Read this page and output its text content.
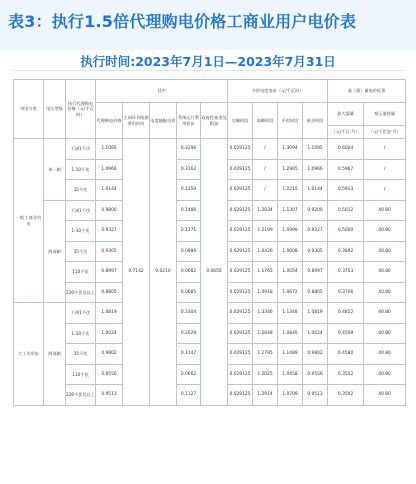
表3：执行1.5倍代理购电价格工商业用户电价表
执行时间:2023年7月1日—2023年7月31日
用电分类	电压等级	执行代理购电价格（元/千瓦时）	其中					分时电度电价（元/千瓦时）				基（需）量电价标准		
			代理购电价格	上网环节线损费用折价	电度输配电价	系统运行费用折价	政府性基金及附加	尖峰时段	高峰时段	平时时段	低谷时段	最大需量	变压器容量	
												（元/千瓦·月）	（元/千伏安·月）	
一般工商业用电	单一制	不满1千伏	1.1095	0.7142	0.0210	0.3296	0.0655	0.029125	/	1.3094	1.1095	0.6004	/	
		1-10千伏	1.0966			0.3162		0.029125	/	1.2965	1.0966	0.5967	/	
		35千伏	1.0144			0.1259		0.029125	/	1.2215	1.0144	0.5913	/	
	两部制	不满1千伏	0.9800			0.1486		0.029125	1.2034	1.1307	0.9200	0.5012	40.80	
		1-10千伏	0.9327			0.1271		0.029125	1.2199	1.0999	0.9327	0.5000	40.80	
		35千伏	0.9305			0.0986		0.029125	1.0426	1.0608	0.9305	0.3892	40.80	
		110千伏	0.8997			0.0682		0.029125	1.1765	1.0054	0.8997	0.3753	40.80	
		220千伏及以上	0.8805			0.0685		0.029125	1.0918	1.0672	0.8805	0.3706	40.80	
大工业用电	两部制	不满1千伏	1.0819			0.3304		0.029125	1.3346	1.1348	1.0819	0.4852	40.80	
		1-10千伏	1.0024			0.2029		0.029125	1.2648	1.0849	1.0024	0.4509	40.80	
		35千伏	0.9802			0.1147		0.029125	1.2795	1.1489	0.9802	0.4580	40.80	
		110千伏	0.9556			0.0662		0.029125	1.2025	1.0458	0.9556	0.3502	40.80	
		220千伏及以上	0.9513			0.1127		0.029125	1.2914	1.0709	0.9513	0.3502	40.80	
